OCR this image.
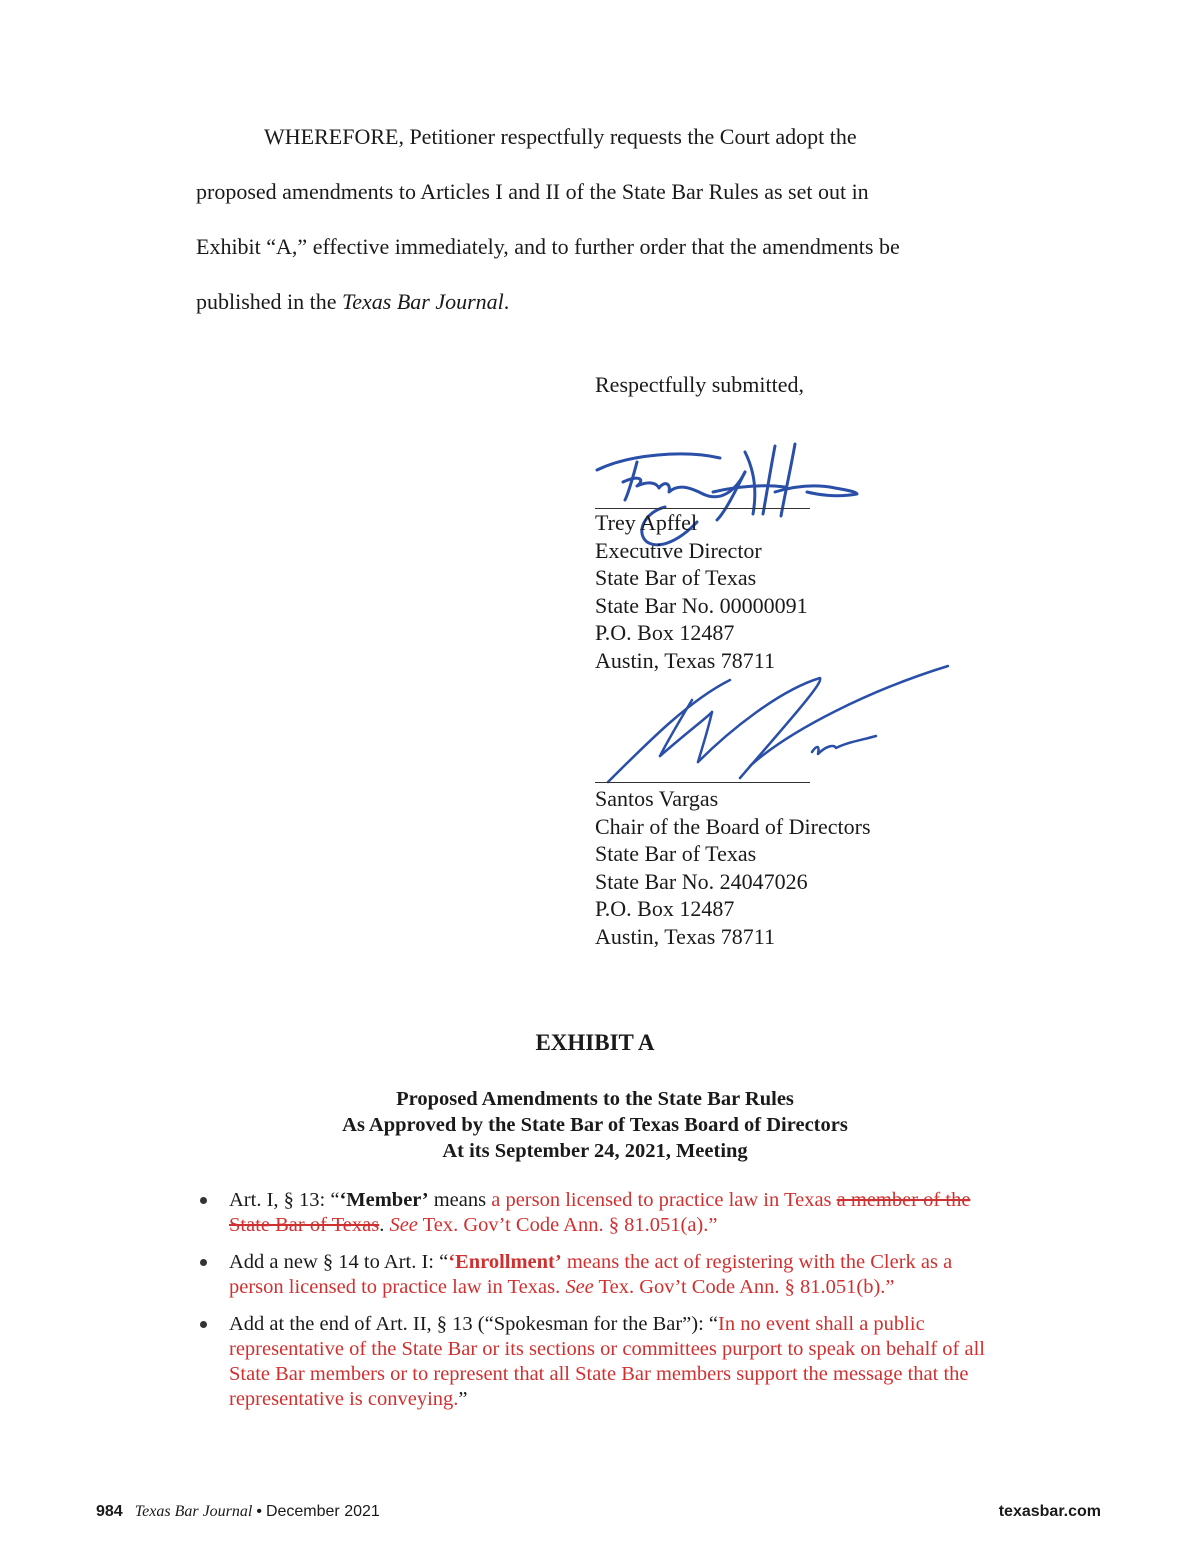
WHEREFORE, Petitioner respectfully requests the Court adopt the
proposed amendments to Articles I and II of the State Bar Rules as set out in
Exhibit “A,” effective immediately, and to further order that the amendments be
published in the Texas Bar Journal.
Respectfully submitted,
Trey Apffel
Executive Director
State Bar of Texas
State Bar No. 00000091
P.O. Box 12487
Austin, Texas 78711
Santos Vargas
Chair of the Board of Directors
State Bar of Texas
State Bar No. 24047026
P.O. Box 12487
Austin, Texas 78711
EXHIBIT A
Proposed Amendments to the State Bar Rules
As Approved by the State Bar of Texas Board of Directors
At its September 24, 2021, Meeting
Art. I, § 13: “‘Member’ means a person licensed to practice law in Texas a member of the State Bar of Texas. See Tex. Gov’t Code Ann. § 81.051(a).”
Add a new § 14 to Art. I: “‘Enrollment’ means the act of registering with the Clerk as a person licensed to practice law in Texas. See Tex. Gov’t Code Ann. § 81.051(b).”
Add at the end of Art. II, § 13 (“Spokesman for the Bar”): “In no event shall a public representative of the State Bar or its sections or committees purport to speak on behalf of all State Bar members or to represent that all State Bar members support the message that the representative is conveying.”
984 Texas Bar Journal • December 2021	texasbar.com
